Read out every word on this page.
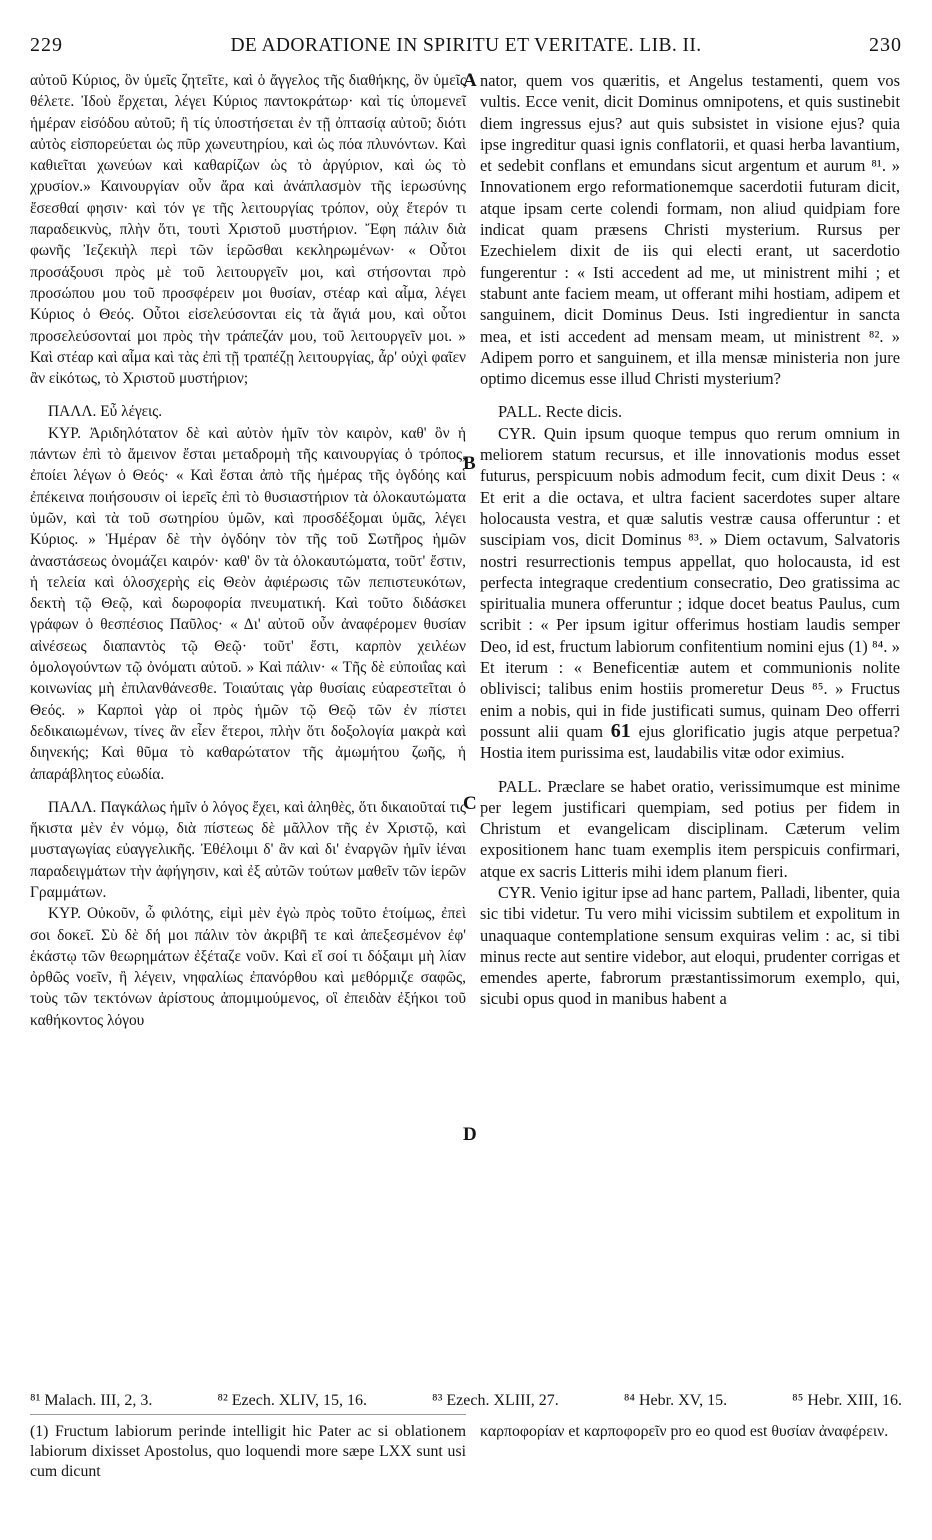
229	DE ADORATIONE IN SPIRITU ET VERITATE. LIB. II.	230

αὐτοῦ Κύριος, ὃν ὑμεῖς ζητεῖτε, καὶ ὁ ἄγγελος τῆς διαθήκης, ὃν ὑμεῖς θέλετε. Ἰδοὺ ἔρχεται, λέγει Κύριος παντοκράτωρ· καὶ τίς ὑπομενεῖ ἡμέραν εἰσόδου αὐτοῦ; ἢ τίς ὑποστήσεται ἐν τῇ ὀπτασίᾳ αὐτοῦ; διότι αὐτὸς εἰσπορεύεται ὡς πῦρ χωνευτηρίου, καὶ ὡς πόα πλυνόντων. Καὶ καθιεῖται χωνεύων καὶ καθαρίζων ὡς τὸ ἀργύριον, καὶ ὡς τὸ χρυσίον.» Καινουργίαν οὖν ἄρα καὶ ἀνάπλασμὸν τῆς ἱερωσύνης ἔσεσθαί φησιν· καὶ τόν γε τῆς λειτουργίας τρόπον, οὐχ ἕτερόν τι παραδεικνὺς, πλὴν ὅτι, τουτὶ Χριστοῦ μυστήριον. Ἔφη πάλιν διὰ φωνῆς Ἰεζεκιὴλ περὶ τῶν ἱερῶσθαι κεκληρωμένων· « Οὗτοι προσάξουσι πρὸς μὲ τοῦ λειτουργεῖν μοι, καὶ στήσονται πρὸ προσώπου μου τοῦ προσφέρειν μοι θυσίαν, στέαρ καὶ αἷμα, λέγει Κύριος ὁ Θεός. Οὗτοι εἰσελεύσονται εἰς τὰ ἅγιά μου, καὶ οὗτοι προσελεύσονταί μοι πρὸς τὴν τράπεζάν μου, τοῦ λειτουργεῖν μοι. » Καὶ στέαρ καὶ αἷμα καὶ τὰς ἐπὶ τῇ τραπέζῃ λειτουργίας, ἆρ' οὐχὶ φαῖεν ἂν εἰκότως, τὸ Χριστοῦ μυστήριον;

ΠΑΛΛ. Εὖ λέγεις.

ΚΥΡ. Ἀριδηλότατον δὲ καὶ αὐτὸν ἡμῖν τὸν καιρὸν, καθ' ὃν ἡ πάντων ἐπὶ τὸ ἄμεινον ἔσται μεταδρομὴ τῆς καινουργίας ὁ τρόπος, ἐποίει λέγων ὁ Θεός· « Καὶ ἔσται ἀπὸ τῆς ἡμέρας τῆς ὀγδόης καὶ ἐπέκεινα ποιήσουσιν οἱ ἱερεῖς ἐπὶ τὸ θυσιαστήριον τὰ ὁλοκαυτώματα ὑμῶν, καὶ τὰ τοῦ σωτηρίου ὑμῶν, καὶ προσδέξομαι ὑμᾶς, λέγει Κύριος. » Ἡμέραν δὲ τὴν ὀγδόην τὸν τῆς τοῦ Σωτῆρος ἡμῶν ἀναστάσεως ὀνομάζει καιρόν· καθ' ὃν τὰ ὁλοκαυτώματα, τοῦτ' ἔστιν, ἡ τελεία καὶ ὁλοσχερὴς εἰς Θεὸν ἀφιέρωσις τῶν πεπιστευκότων, δεκτὴ τῷ Θεῷ, καὶ δωροφορία πνευματική. Καὶ τοῦτο διδάσκει γράφων ὁ θεσπέσιος Παῦλος· « Δι' αὐτοῦ οὖν ἀναφέρομεν θυσίαν αἰνέσεως διαπαντὸς τῷ Θεῷ· τοῦτ' ἔστι, καρπὸν χειλέων ὁμολογούντων τῷ ὀνόματι αὐτοῦ. » Καὶ πάλιν· « Τῆς δὲ εὐποιΐας καὶ κοινωνίας μὴ ἐπιλανθάνεσθε. Τοιαύταις γὰρ θυσίαις εὐαρεστεῖται ὁ Θεός. » Καρποὶ γὰρ οἱ πρὸς ἡμῶν τῷ Θεῷ τῶν ἐν πίστει δεδικαιωμένων, τίνες ἂν εἶεν ἕτεροι, πλὴν ὅτι δοξολογία μακρὰ καὶ διηνεκής; Καὶ θῦμα τὸ καθαρώτατον τῆς ἀμωμήτου ζωῆς, ἡ ἀπαράβλητος εὐωδία.

ΠΑΛΛ. Παγκάλως ἡμῖν ὁ λόγος ἔχει, καὶ ἀληθὲς, ὅτι δικαιοῦταί τις ἥκιστα μὲν ἐν νόμῳ, διὰ πίστεως δὲ μᾶλλον τῆς ἐν Χριστῷ, καὶ μυσταγωγίας εὐαγγελικῆς. Ἐθέλοιμι δ' ἂν καὶ δι' ἐναργῶν ἡμῖν ἰέναι παραδειγμάτων τὴν ἀφήγησιν, καὶ ἐξ αὐτῶν τούτων μαθεῖν τῶν ἱερῶν Γραμμάτων.

ΚΥΡ. Οὐκοῦν, ὦ φιλότης, εἰμὶ μὲν ἐγὼ πρὸς τοῦτο ἑτοίμως, ἐπεὶ σοι δοκεῖ. Σὺ δὲ δή μοι πάλιν τὸν ἀκριβῆ τε καὶ ἀπεξεσμένον ἐφ' ἑκάστῳ τῶν θεωρημάτων ἐξέταζε νοῦν. Καὶ εἴ σοί τι δόξαιμι μὴ λίαν ὀρθῶς νοεῖν, ἢ λέγειν, νηφαλίως ἐπανόρθου καὶ μεθόρμιζε σαφῶς, τοὺς τῶν τεκτόνων ἀρίστους ἀπομιμούμενος, οἳ ἐπειδὰν ἐξήκοι τοῦ καθήκοντος λόγου

A
B
C
D

nator, quem vos quæritis, et Angelus testamenti, quem vos vultis. Ecce venit, dicit Dominus omnipotens, et quis sustinebit diem ingressus ejus? aut quis subsistet in visione ejus? quia ipse ingreditur quasi ignis conflatorii, et quasi herba lavantium, et sedebit conflans et emundans sicut argentum et aurum ⁸¹. » Innovationem ergo reformationemque sacerdotii futuram dicit, atque ipsam certe colendi formam, non aliud quidpiam fore indicat quam præsens Christi mysterium. Rursus per Ezechielem dixit de iis qui electi erant, ut sacerdotio fungerentur : « Isti accedent ad me, ut ministrent mihi ; et stabunt ante faciem meam, ut offerant mihi hostiam, adipem et sanguinem, dicit Dominus Deus. Isti ingredientur in sancta mea, et isti accedent ad mensam meam, ut ministrent ⁸². » Adipem porro et sanguinem, et illa mensæ ministeria non jure optimo dicemus esse illud Christi mysterium?

PALL. Recte dicis.

CYR. Quin ipsum quoque tempus quo rerum omnium in meliorem statum recursus, et ille innovationis modus esset futurus, perspicuum nobis admodum fecit, cum dixit Deus : « Et erit a die octava, et ultra facient sacerdotes super altare holocausta vestra, et quæ salutis vestræ causa offeruntur : et suscipiam vos, dicit Dominus ⁸³. » Diem octavum, Salvatoris nostri resurrectionis tempus appellat, quo holocausta, id est perfecta integraque credentium consecratio, Deo gratissima ac spiritualia munera offeruntur ; idque docet beatus Paulus, cum scribit : « Per ipsum igitur offerimus hostiam laudis semper Deo, id est, fructum labiorum confitentium nomini ejus (1) ⁸⁴. » Et iterum : « Beneficentiæ autem et communionis nolite oblivisci; talibus enim hostiis promeretur Deus ⁸⁵. » Fructus enim a nobis, qui in fide justificati sumus, quinam Deo offerri possunt alii quam 61 ejus glorificatio jugis atque perpetua? Hostia item purissima est, laudabilis vitæ odor eximius.

PALL. Præclare se habet oratio, verissimumque est minime per legem justificari quempiam, sed potius per fidem in Christum et evangelicam disciplinam. Cæterum velim expositionem hanc tuam exemplis item perspicuis confirmari, atque ex sacris Litteris mihi idem planum fieri.

CYR. Venio igitur ipse ad hanc partem, Palladi, libenter, quia sic tibi videtur. Tu vero mihi vicissim subtilem et expolitum in unaquaque contemplatione sensum exquiras velim : ac, si tibi minus recte aut sentire videbor, aut eloqui, prudenter corrigas et emendes aperte, fabrorum præstantissimorum exemplo, qui, sicubi opus quod in manibus habent a

⁸¹ Malach. III, 2, 3.	⁸² Ezech. XLIV, 15, 16.	⁸³ Ezech. XLIII, 27.	⁸⁴ Hebr. XV, 15.	⁸⁵ Hebr. XIII, 16.
(1) Fructum labiorum perinde intelligit hic Pater ac si oblationem labiorum dixisset Apostolus, quo loquendi more sæpe LXX sunt usi cum dicunt
καρποφορίαν et καρποφορεῖν pro eo quod est θυσίαν ἀναφέρειν.
